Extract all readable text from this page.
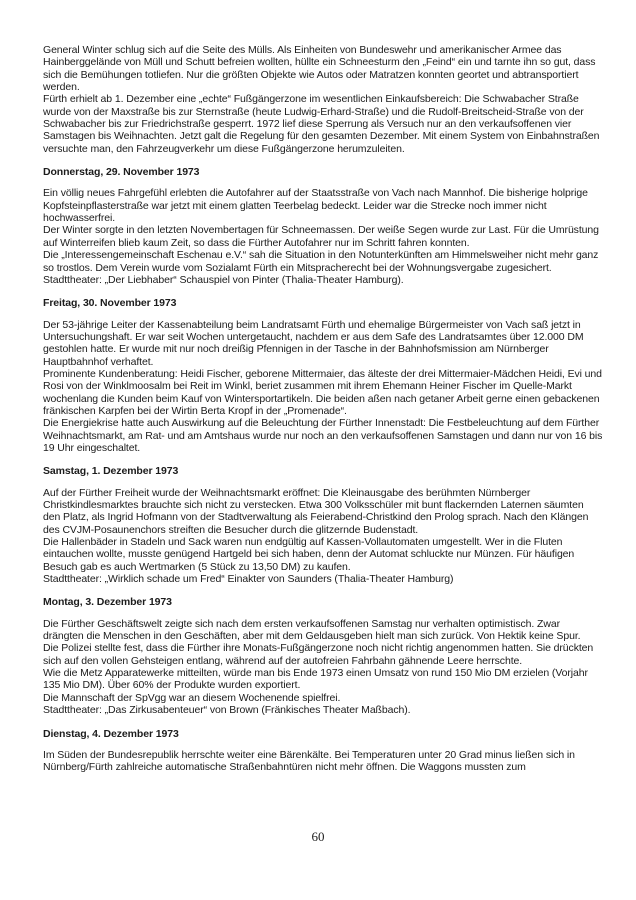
General Winter schlug sich auf die Seite des Mülls. Als Einheiten von Bundeswehr und amerikanischer Armee das Hainberggelände von Müll und Schutt befreien wollten, hüllte ein Schneesturm den „Feind“ ein und tarnte ihn so gut, dass sich die Bemühungen totliefen. Nur die größten Objekte wie Autos oder Matratzen konnten geortet und abtransportiert werden.
Fürth erhielt ab 1. Dezember eine „echte“ Fußgängerzone im wesentlichen Einkaufsbereich: Die Schwabacher Straße wurde von der Maxstraße bis zur Sternstraße (heute Ludwig-Erhard-Straße) und die Rudolf-Breitscheid-Straße von der Schwabacher bis zur Friedrichstraße gesperrt. 1972 lief diese Sperrung als Versuch nur an den verkaufsoffenen vier Samstagen bis Weihnachten. Jetzt galt die Regelung für den gesamten Dezember. Mit einem System von Einbahnstraßen versuchte man, den Fahrzeugverkehr um diese Fußgängerzone herumzuleiten.
Donnerstag, 29. November 1973
Ein völlig neues Fahrgefühl erlebten die Autofahrer auf der Staatsstraße von Vach nach Mannhof. Die bisherige holprige Kopfsteinpflasterstraße war jetzt mit einem glatten Teerbelag bedeckt. Leider war die Strecke noch immer nicht hochwasserfrei.
Der Winter sorgte in den letzten Novembertagen für Schneemassen. Der weiße Segen wurde zur Last. Für die Umrüstung auf Winterreifen blieb kaum Zeit, so dass die Fürther Autofahrer nur im Schritt fahren konnten.
Die „Interessengemeinschaft Eschenau e.V.“ sah die Situation in den Notunterkünften am Himmelsweiher nicht mehr ganz so trostlos. Dem Verein wurde vom Sozialamt Fürth ein Mitspracherecht bei der Wohnungsvergabe zugesichert.
Stadttheater: „Der Liebhaber“ Schauspiel von Pinter (Thalia-Theater Hamburg).
Freitag, 30. November 1973
Der 53-jährige Leiter der Kassenabteilung beim Landratsamt Fürth und ehemalige Bürgermeister von Vach saß jetzt in Untersuchungshaft. Er war seit Wochen untergetaucht, nachdem er aus dem Safe des Landratsamtes über 12.000 DM gestohlen hatte. Er wurde mit nur noch dreißig Pfennigen in der Tasche in der Bahnhofsmission am Nürnberger Hauptbahnhof verhaftet.
Prominente Kundenberatung: Heidi Fischer, geborene Mittermaier, das älteste der drei Mittermaier-Mädchen Heidi, Evi und Rosi von der Winklmoosalm bei Reit im Winkl, beriet zusammen mit ihrem Ehemann Heiner Fischer im Quelle-Markt wochenlang die Kunden beim Kauf von Wintersportartikeln. Die beiden aßen nach getaner Arbeit gerne einen gebackenen fränkischen Karpfen bei der Wirtin Berta Kropf in der „Promenade“.
Die Energiekrise hatte auch Auswirkung auf die Beleuchtung der Fürther Innenstadt: Die Festbeleuchtung auf dem Fürther Weihnachtsmarkt, am Rat- und am Amtshaus wurde nur noch an den verkaufsoffenen Samstagen und dann nur von 16 bis 19 Uhr eingeschaltet.
Samstag, 1. Dezember 1973
Auf der Fürther Freiheit wurde der Weihnachtsmarkt eröffnet: Die Kleinausgabe des berühmten Nürnberger Christkindlesmarktes brauchte sich nicht zu verstecken. Etwa 300 Volksschüler mit bunt flackernden Laternen säumten den Platz, als Ingrid Hofmann von der Stadtverwaltung als Feierabend-Christkind den Prolog sprach. Nach den Klängen des CVJM-Posaunenchors streiften die Besucher durch die glitzernde Budenstadt.
Die Hallenbäder in Stadeln und Sack waren nun endgültig auf Kassen-Vollautomaten umgestellt. Wer in die Fluten eintauchen wollte, musste genügend Hartgeld bei sich haben, denn der Automat schluckte nur Münzen. Für häufigen Besuch gab es auch Wertmarken (5 Stück zu 13,50 DM) zu kaufen.
Stadttheater: „Wirklich schade um Fred“ Einakter von Saunders (Thalia-Theater Hamburg)
Montag, 3. Dezember 1973
Die Fürther Geschäftswelt zeigte sich nach dem ersten verkaufsoffenen Samstag nur verhalten optimistisch. Zwar drängten die Menschen in den Geschäften, aber mit dem Geldausgeben hielt man sich zurück. Von Hektik keine Spur.
Die Polizei stellte fest, dass die Fürther ihre Monats-Fußgängerzone noch nicht richtig angenommen hatten. Sie drückten sich auf den vollen Gehsteigen entlang, während auf der autofreien Fahrbahn gähnende Leere herrschte.
Wie die Metz Apparatewerke mitteilten, würde man bis Ende 1973 einen Umsatz von rund 150 Mio DM erzielen (Vorjahr 135 Mio DM). Über 60% der Produkte wurden exportiert.
Die Mannschaft der SpVgg war an diesem Wochenende spielfrei.
Stadttheater: „Das Zirkusabenteuer“ von Brown (Fränkisches Theater Maßbach).
Dienstag, 4. Dezember 1973
Im Süden der Bundesrepublik herrschte weiter eine Bärenkälte. Bei Temperaturen unter 20 Grad minus ließen sich in Nürnberg/Fürth zahlreiche automatische Straßenbahntüren nicht mehr öffnen. Die Waggons mussten zum
60
